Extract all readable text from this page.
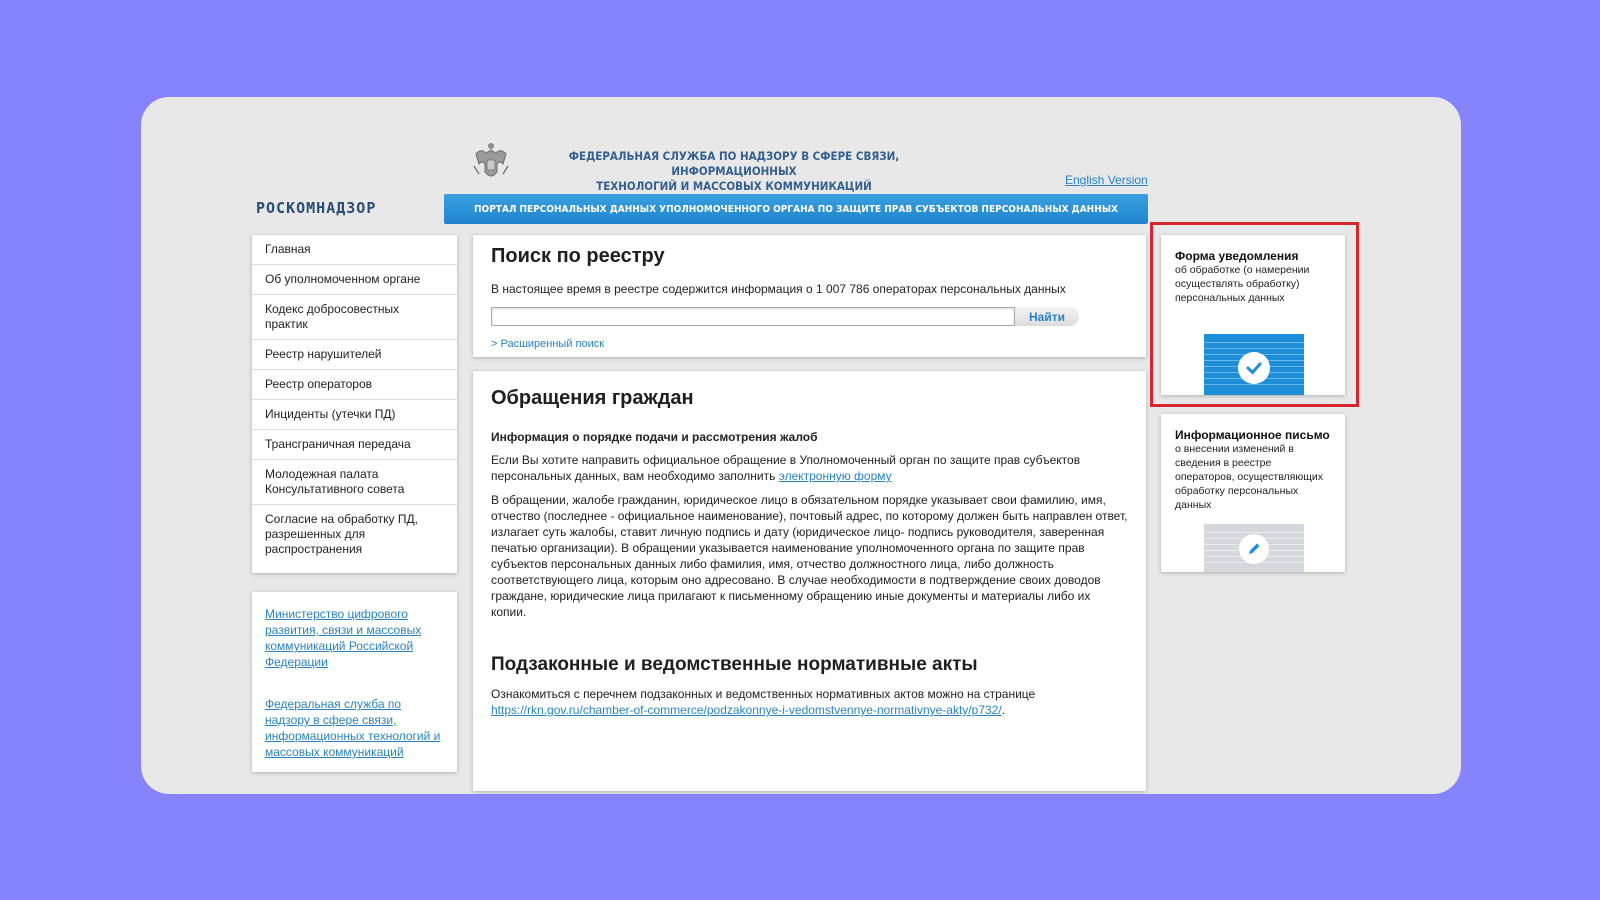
ФЕДЕРАЛЬНАЯ СЛУЖБА ПО НАДЗОРУ В СФЕРЕ СВЯЗИ, ИНФОРМАЦИОННЫХ
ТЕХНОЛОГИЙ И МАССОВЫХ КОММУНИКАЦИЙ	English Version
РОСКОМНАДЗОР	ПОРТАЛ ПЕРСОНАЛЬНЫХ ДАННЫХ УПОЛНОМОЧЕННОГО ОРГАНА ПО ЗАЩИТЕ ПРАВ СУБЪЕКТОВ ПЕРСОНАЛЬНЫХ ДАННЫХ
Главная
Об уполномоченном органе
Кодекс добросовестных практик
Реестр нарушителей
Реестр операторов
Инциденты (утечки ПД)
Трансграничная передача
Молодежная палата Консультативного совета
Согласие на обработку ПД, разрешенных для распространения
Министерство цифрового развития, связи и массовых коммуникаций Российской Федерации
Федеральная служба по надзору в сфере связи, информационных технологий и массовых коммуникаций
Поиск по реестру
В настоящее время в реестре содержится информация о 1 007 786 операторах персональных данных
Найти
> Расширенный поиск
Обращения граждан
Информация о порядке подачи и рассмотрения жалоб
Если Вы хотите направить официальное обращение в Уполномоченный орган по защите прав субъектов персональных данных, вам необходимо заполнить электронную форму
В обращении, жалобе гражданин, юридическое лицо в обязательном порядке указывает свои фамилию, имя, отчество (последнее - официальное наименование), почтовый адрес, по которому должен быть направлен ответ, излагает суть жалобы, ставит личную подпись и дату (юридическое лицо- подпись руководителя, заверенная печатью организации). В обращении указывается наименование уполномоченного органа по защите прав субъектов персональных данных либо фамилия, имя, отчество должностного лица, либо должность соответствующего лица, которым оно адресовано. В случае необходимости в подтверждение своих доводов граждане, юридические лица прилагают к письменному обращению иные документы и материалы либо их копии.
Подзаконные и ведомственные нормативные акты
Ознакомиться с перечнем подзаконных и ведомственных нормативных актов можно на странице
https://rkn.gov.ru/chamber-of-commerce/podzakonnye-i-vedomstvennye-normativnye-akty/p732/.
Форма уведомления
об обработке (о намерении осуществлять обработку) персональных данных
Информационное письмо
о внесении изменений в сведения в реестре операторов, осуществляющих обработку персональных данных
